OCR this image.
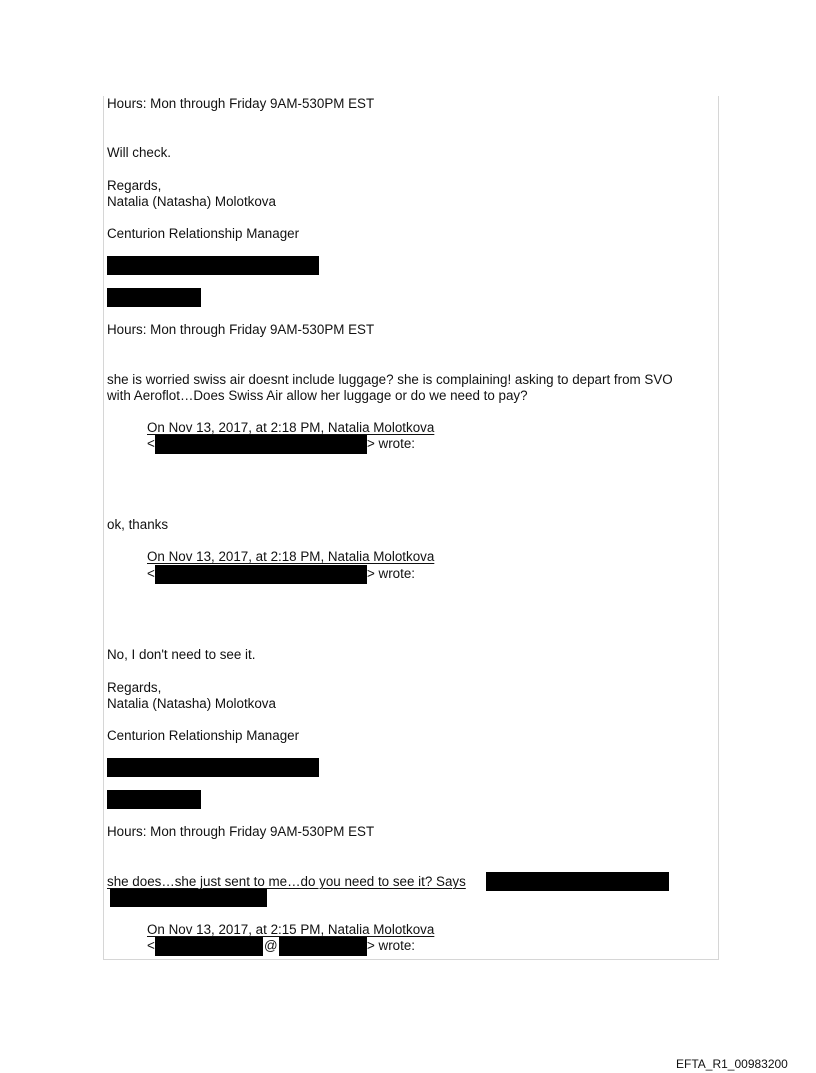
Hours: Mon through Friday 9AM-530PM EST
Will check.
Regards,
Natalia (Natasha) Molotkova
Centurion Relationship Manager
Hours: Mon through Friday 9AM-530PM EST
she is worried swiss air doesnt include luggage? she is complaining! asking to depart from SVO
with Aeroflot…Does Swiss Air allow her luggage or do we need to pay?
On Nov 13, 2017, at 2:18 PM, Natalia Molotkova
<	> wrote:
ok, thanks
On Nov 13, 2017, at 2:18 PM, Natalia Molotkova
<	> wrote:
No, I don't need to see it.
Regards,
Natalia (Natasha) Molotkova
Centurion Relationship Manager
Hours: Mon through Friday 9AM-530PM EST
she does…she just sent to me…do you need to see it? Says
On Nov 13, 2017, at 2:15 PM, Natalia Molotkova
<	@	> wrote:
EFTA_R1_00983200
